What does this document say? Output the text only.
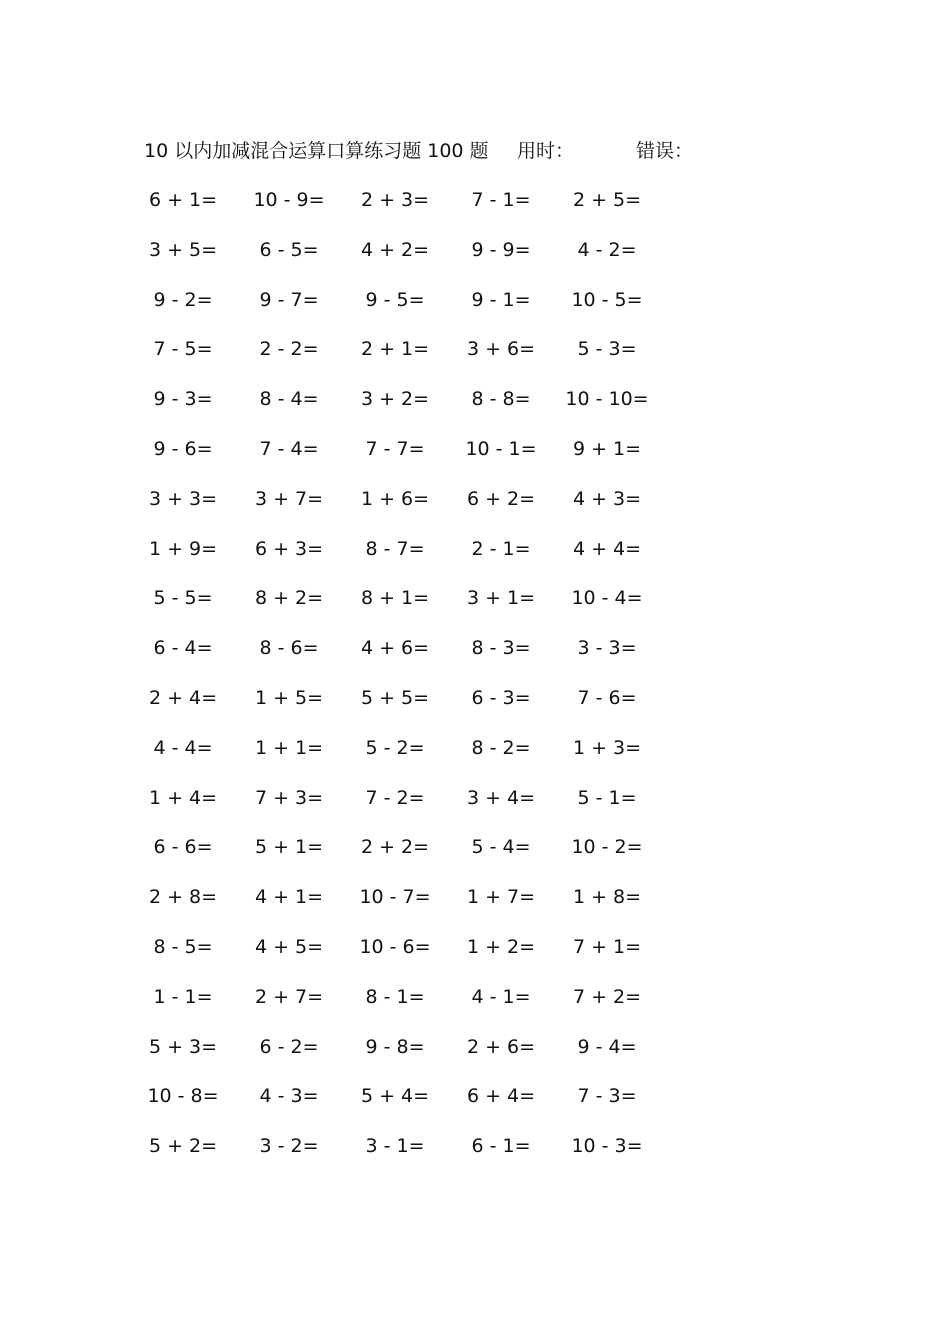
10 以内加减混合运算口算练习题 100 题 用时：	错误：
6 + 1=	10 - 9=	2 + 3=	7 - 1=	2 + 5=
3 + 5=	6 - 5=	4 + 2=	9 - 9=	4 - 2=
9 - 2=	9 - 7=	9 - 5=	9 - 1=	10 - 5=
7 - 5=	2 - 2=	2 + 1=	3 + 6=	5 - 3=
9 - 3=	8 - 4=	3 + 2=	8 - 8=	10 - 10=
9 - 6=	7 - 4=	7 - 7=	10 - 1=	9 + 1=
3 + 3=	3 + 7=	1 + 6=	6 + 2=	4 + 3=
1 + 9=	6 + 3=	8 - 7=	2 - 1=	4 + 4=
5 - 5=	8 + 2=	8 + 1=	3 + 1=	10 - 4=
6 - 4=	8 - 6=	4 + 6=	8 - 3=	3 - 3=
2 + 4=	1 + 5=	5 + 5=	6 - 3=	7 - 6=
4 - 4=	1 + 1=	5 - 2=	8 - 2=	1 + 3=
1 + 4=	7 + 3=	7 - 2=	3 + 4=	5 - 1=
6 - 6=	5 + 1=	2 + 2=	5 - 4=	10 - 2=
2 + 8=	4 + 1=	10 - 7=	1 + 7=	1 + 8=
8 - 5=	4 + 5=	10 - 6=	1 + 2=	7 + 1=
1 - 1=	2 + 7=	8 - 1=	4 - 1=	7 + 2=
5 + 3=	6 - 2=	9 - 8=	2 + 6=	9 - 4=
10 - 8=	4 - 3=	5 + 4=	6 + 4=	7 - 3=
5 + 2=	3 - 2=	3 - 1=	6 - 1=	10 - 3=
